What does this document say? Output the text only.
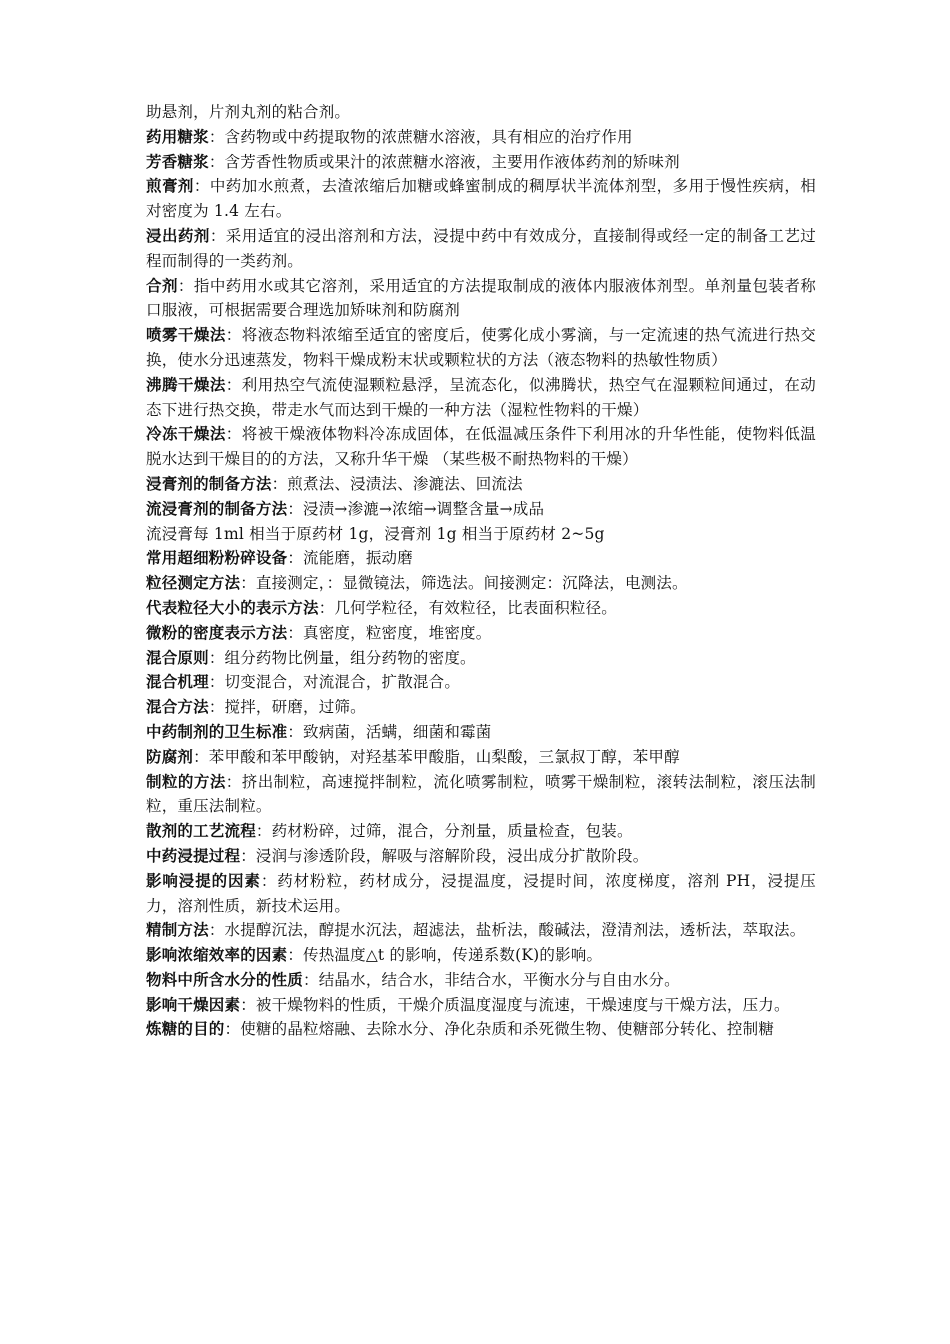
助悬剂，片剂丸剂的粘合剂。

药用糖浆：含药物或中药提取物的浓蔗糖水溶液，具有相应的治疗作用

芳香糖浆：含芳香性物质或果汁的浓蔗糖水溶液，主要用作液体药剂的矫味剂

煎膏剂：中药加水煎煮，去渣浓缩后加糖或蜂蜜制成的稠厚状半流体剂型，多用于慢性疾病，相对密度为 1.4 左右。

浸出药剂：采用适宜的浸出溶剂和方法，浸提中药中有效成分，直接制得或经一定的制备工艺过程而制得的一类药剂。

合剂：指中药用水或其它溶剂，采用适宜的方法提取制成的液体内服液体剂型。单剂量包装者称口服液，可根据需要合理选加矫味剂和防腐剂

喷雾干燥法：将液态物料浓缩至适宜的密度后，使雾化成小雾滴，与一定流速的热气流进行热交换，使水分迅速蒸发，物料干燥成粉末状或颗粒状的方法（液态物料的热敏性物质）

沸腾干燥法：利用热空气流使湿颗粒悬浮，呈流态化，似沸腾状，热空气在湿颗粒间通过，在动态下进行热交换，带走水气而达到干燥的一种方法（湿粒性物料的干燥）

冷冻干燥法：将被干燥液体物料冷冻成固体，在低温减压条件下利用冰的升华性能，使物料低温脱水达到干燥目的的方法，又称升华干燥 （某些极不耐热物料的干燥）

浸膏剂的制备方法：煎煮法、浸渍法、渗漉法、回流法

流浸膏剂的制备方法：浸渍→渗漉→浓缩→调整含量→成品

流浸膏每 1ml 相当于原药材 1g，浸膏剂 1g 相当于原药材 2~5g

常用超细粉粉碎设备：流能磨，振动磨

粒径测定方法：直接测定，：显微镜法，筛选法。间接测定：沉降法，电测法。

代表粒径大小的表示方法：几何学粒径，有效粒径，比表面积粒径。

微粉的密度表示方法：真密度，粒密度，堆密度。

混合原则：组分药物比例量，组分药物的密度。

混合机理：切变混合，对流混合，扩散混合。

混合方法：搅拌，研磨，过筛。

中药制剂的卫生标准：致病菌，活螨，细菌和霉菌

防腐剂：苯甲酸和苯甲酸钠，对羟基苯甲酸脂，山梨酸，三氯叔丁醇，苯甲醇

制粒的方法：挤出制粒，高速搅拌制粒，流化喷雾制粒，喷雾干燥制粒，滚转法制粒，滚压法制粒，重压法制粒。

散剂的工艺流程：药材粉碎，过筛，混合，分剂量，质量检查，包装。

中药浸提过程：浸润与渗透阶段，解吸与溶解阶段，浸出成分扩散阶段。

影响浸提的因素：药材粉粒，药材成分，浸提温度，浸提时间，浓度梯度，溶剂 PH，浸提压力，溶剂性质，新技术运用。

精制方法：水提醇沉法，醇提水沉法，超滤法，盐析法，酸碱法，澄清剂法，透析法，萃取法。

影响浓缩效率的因素：传热温度△t 的影响，传递系数(K)的影响。

物料中所含水分的性质：结晶水，结合水，非结合水，平衡水分与自由水分。

影响干燥因素：被干燥物料的性质，干燥介质温度湿度与流速，干燥速度与干燥方法，压力。

炼糖的目的：使糖的晶粒熔融、去除水分、净化杂质和杀死微生物、使糖部分转化、控制糖
